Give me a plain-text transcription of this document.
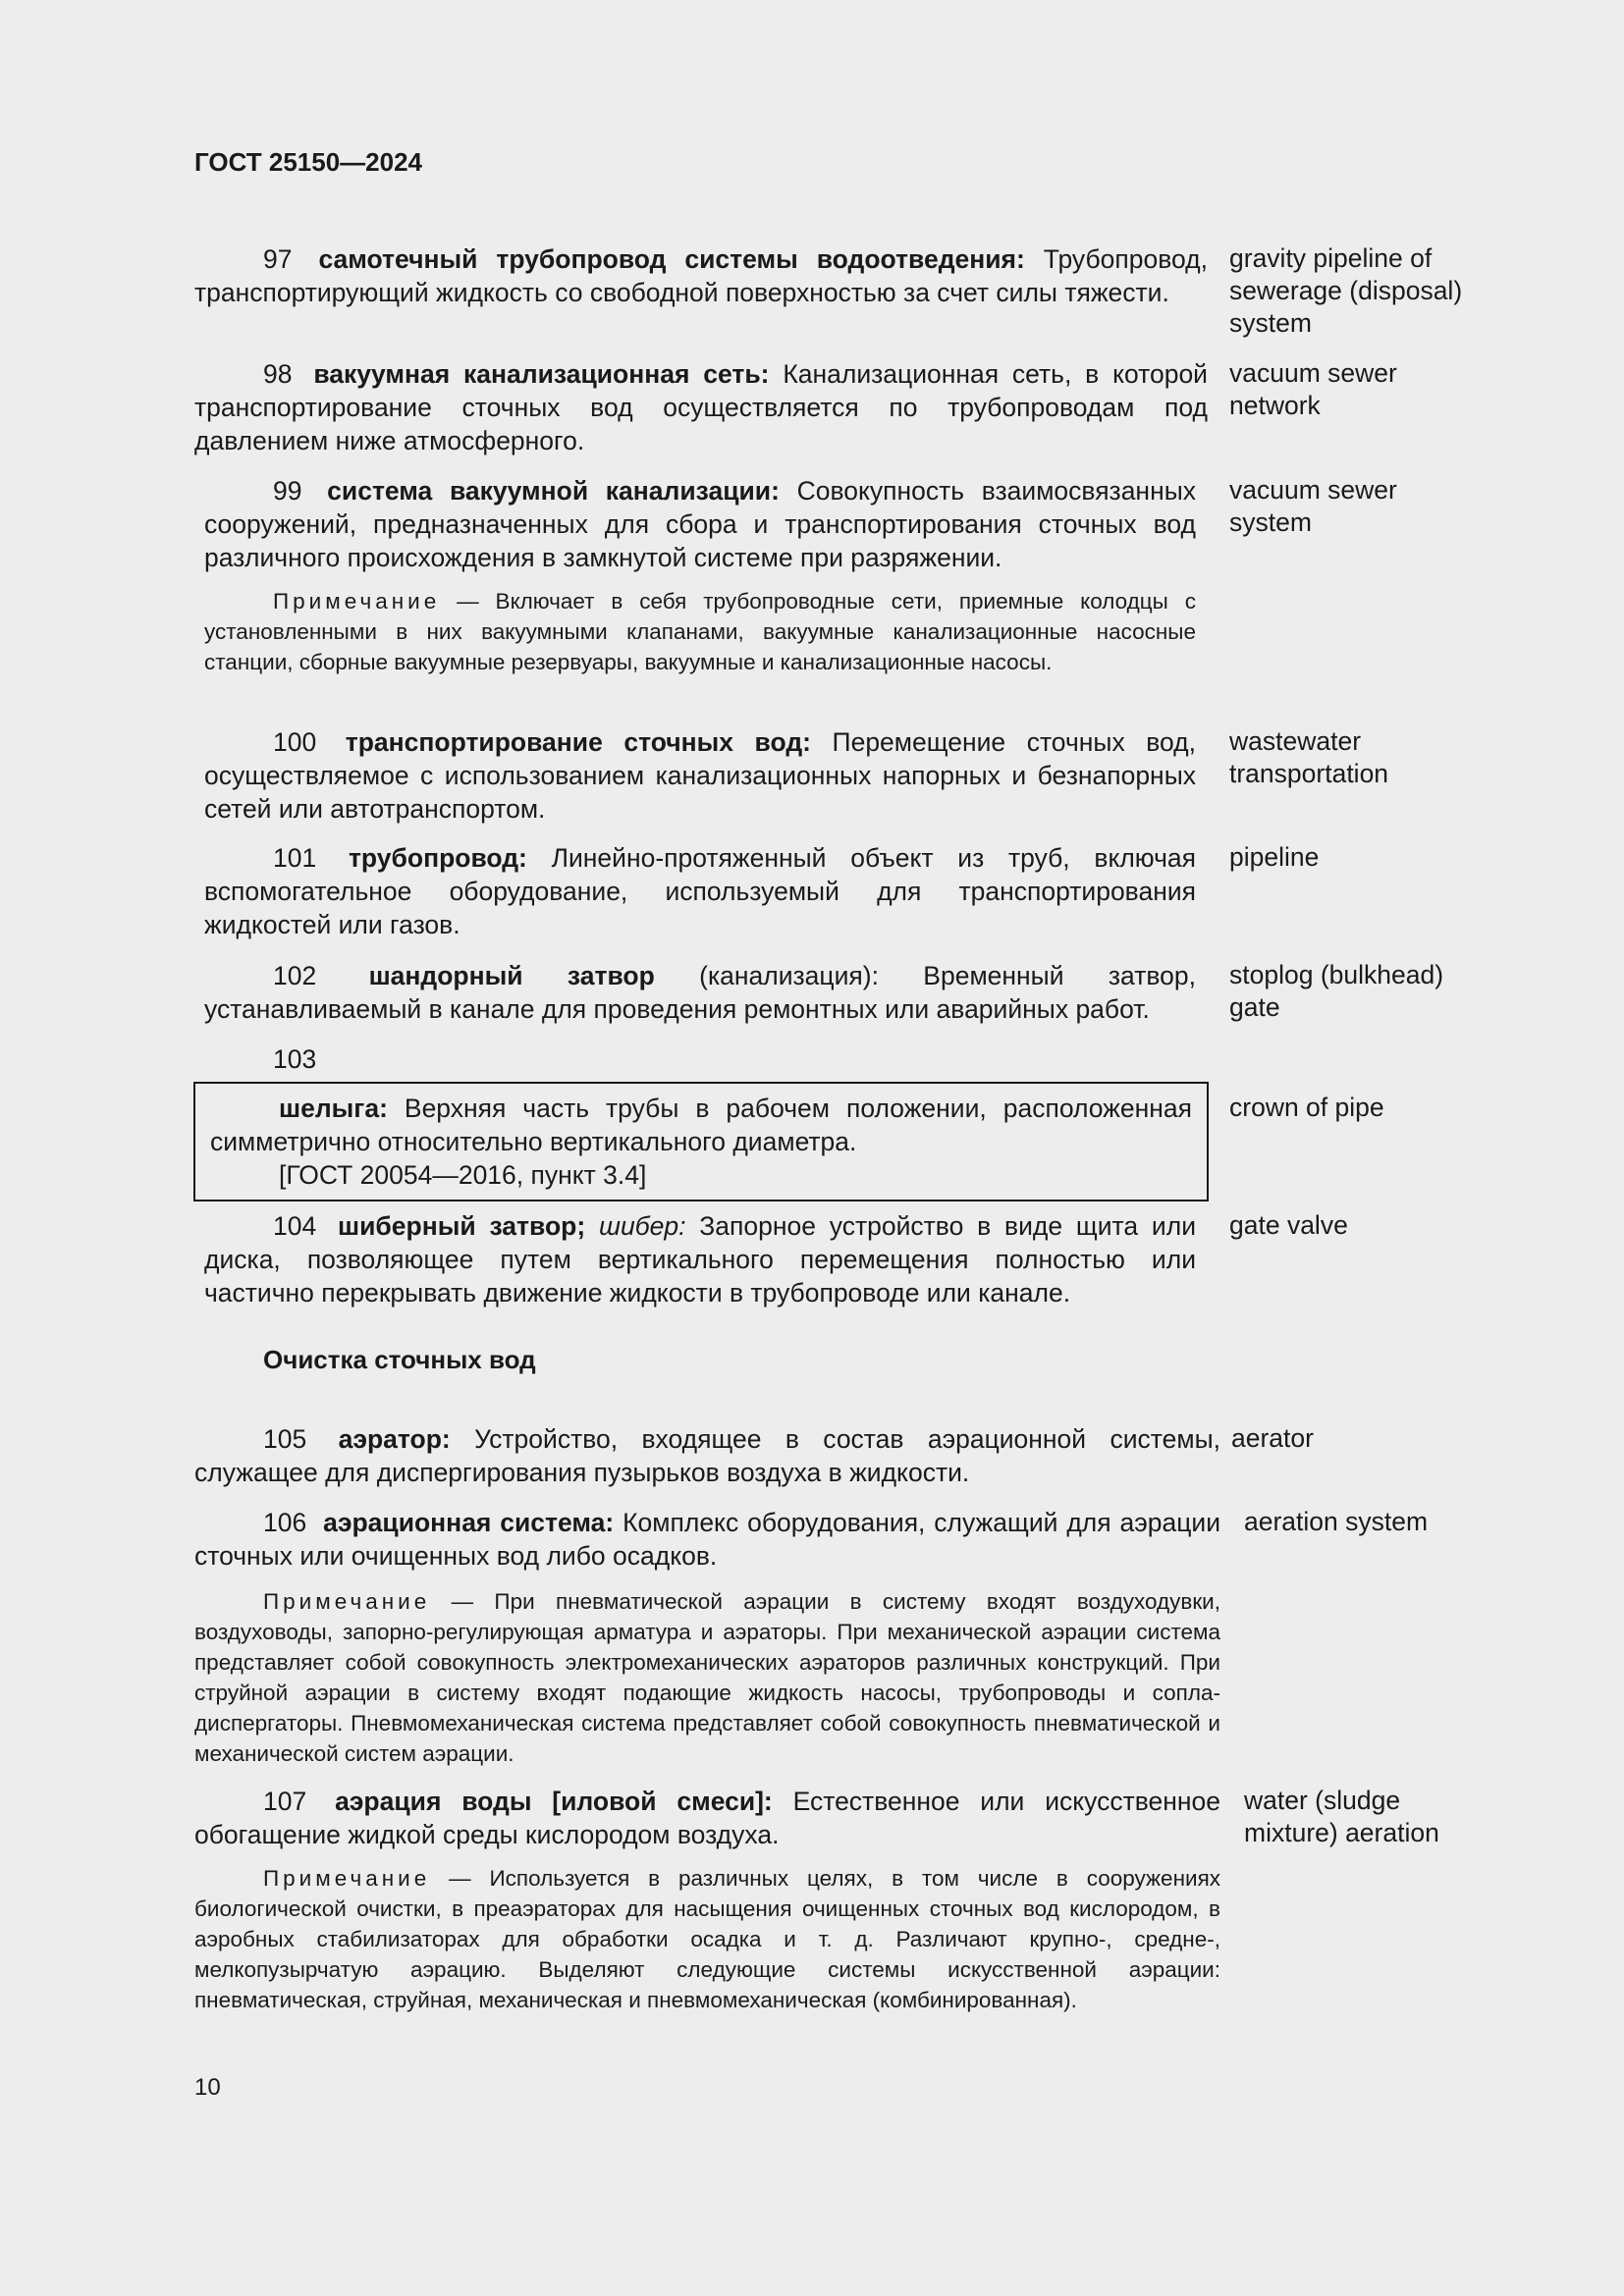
ГОСТ 25150—2024
97 самотечный трубопровод системы водоотведения: Трубопровод, транспортирующий жидкость со свободной поверхностью за счет силы тяжести.
gravity pipeline of sewerage (disposal) system
98 вакуумная канализационная сеть: Канализационная сеть, в которой транспортирование сточных вод осуществляется по трубопроводам под давлением ниже атмосферного.
vacuum sewer network
99 система вакуумной канализации: Совокупность взаимосвязанных сооружений, предназначенных для сбора и транспортирования сточных вод различного происхождения в замкнутой системе при разряжении.
vacuum sewer system
Примечание — Включает в себя трубопроводные сети, приемные колодцы с установленными в них вакуумными клапанами, вакуумные канализационные насосные станции, сборные вакуумные резервуары, вакуумные и канализационные насосы.
100 транспортирование сточных вод: Перемещение сточных вод, осуществляемое с использованием канализационных напорных и безнапорных сетей или автотранспортом.
wastewater transportation
101 трубопровод: Линейно-протяженный объект из труб, включая вспомогательное оборудование, используемый для транспортирования жидкостей или газов.
pipeline
102 шандорный затвор (канализация): Временный затвор, устанавливаемый в канале для проведения ремонтных или аварийных работ.
stoplog (bulkhead) gate
103
шелыга: Верхняя часть трубы в рабочем положении, расположенная симметрично относительно вертикального диаметра.
[ГОСТ 20054—2016, пункт 3.4]
crown of pipe
104 шиберный затвор; шибер: Запорное устройство в виде щита или диска, позволяющее путем вертикального перемещения полностью или частично перекрывать движение жидкости в трубопроводе или канале.
gate valve
Очистка сточных вод
105 аэратор: Устройство, входящее в состав аэрационной системы, служащее для диспергирования пузырьков воздуха в жидкости.
aerator
106 аэрационная система: Комплекс оборудования, служащий для аэрации сточных или очищенных вод либо осадков.
aeration system
Примечание — При пневматической аэрации в систему входят воздуходувки, воздуховоды, запорно-регулирующая арматура и аэраторы. При механической аэрации система представляет собой совокупность электромеханических аэраторов различных конструкций. При струйной аэрации в систему входят подающие жидкость насосы, трубопроводы и сопла-диспергаторы. Пневмомеханическая система представляет собой совокупность пневматической и механической систем аэрации.
107 аэрация воды [иловой смеси]: Естественное или искусственное обогащение жидкой среды кислородом воздуха.
water (sludge mixture) aeration
Примечание — Используется в различных целях, в том числе в сооружениях биологической очистки, в преаэраторах для насыщения очищенных сточных вод кислородом, в аэробных стабилизаторах для обработки осадка и т. д. Различают крупно-, средне-, мелкопузырчатую аэрацию. Выделяют следующие системы искусственной аэрации: пневматическая, струйная, механическая и пневмомеханическая (комбинированная).
10
